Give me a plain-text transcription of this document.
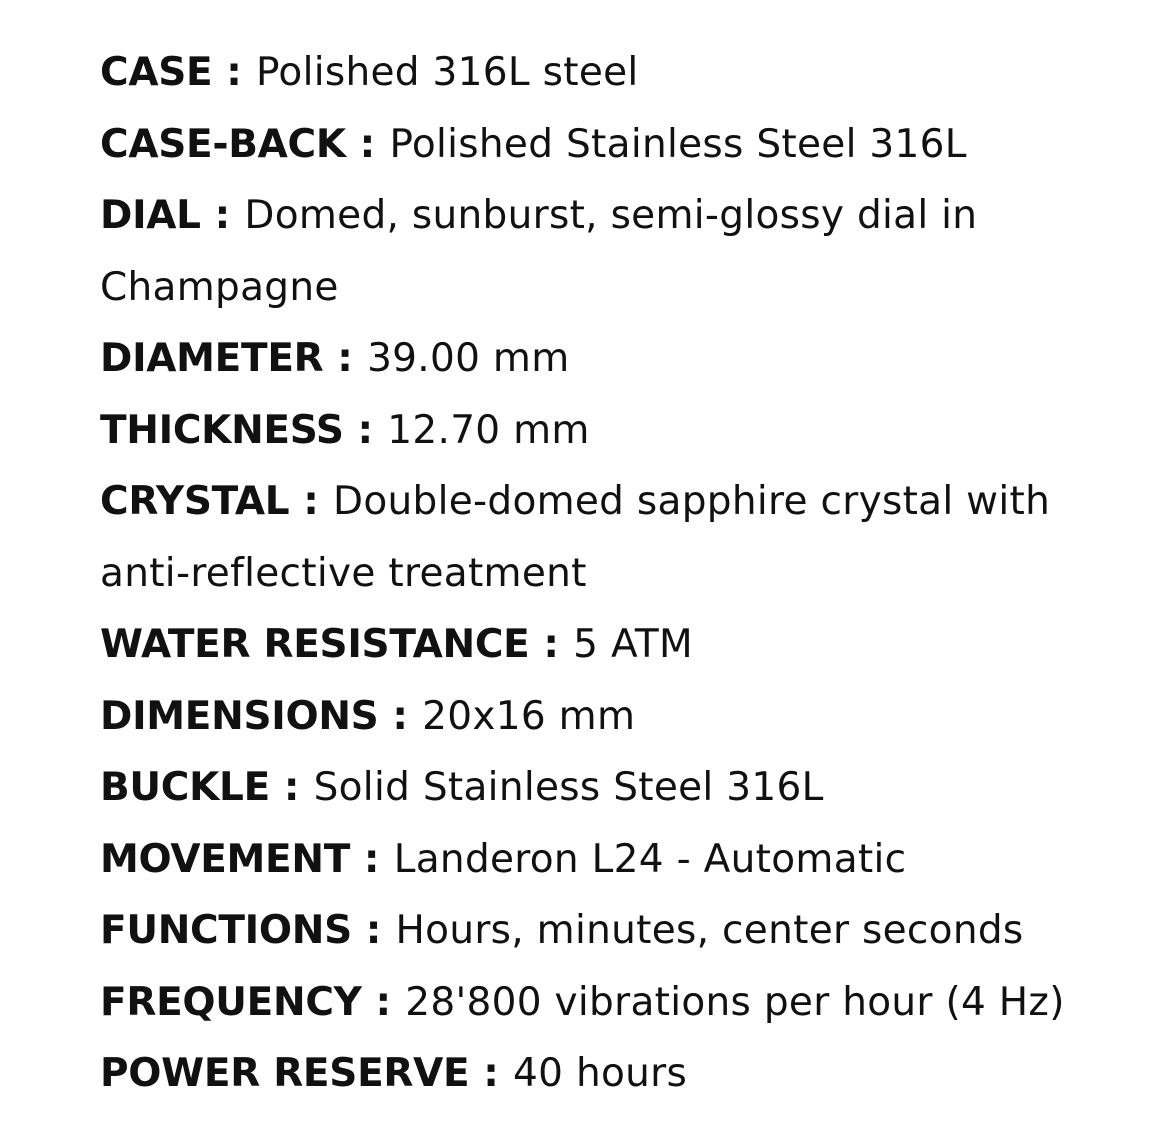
CASE : Polished 316L steel

CASE-BACK : Polished Stainless Steel 316L

DIAL : Domed, sunburst, semi-glossy dial in Champagne

DIAMETER : 39.00 mm

THICKNESS : 12.70 mm

CRYSTAL : Double-domed sapphire crystal with anti-reflective treatment

WATER RESISTANCE : 5 ATM

DIMENSIONS : 20x16 mm

BUCKLE : Solid Stainless Steel 316L

MOVEMENT : Landeron L24 - Automatic

FUNCTIONS : Hours, minutes, center seconds

FREQUENCY : 28'800 vibrations per hour (4 Hz)

POWER RESERVE : 40 hours
